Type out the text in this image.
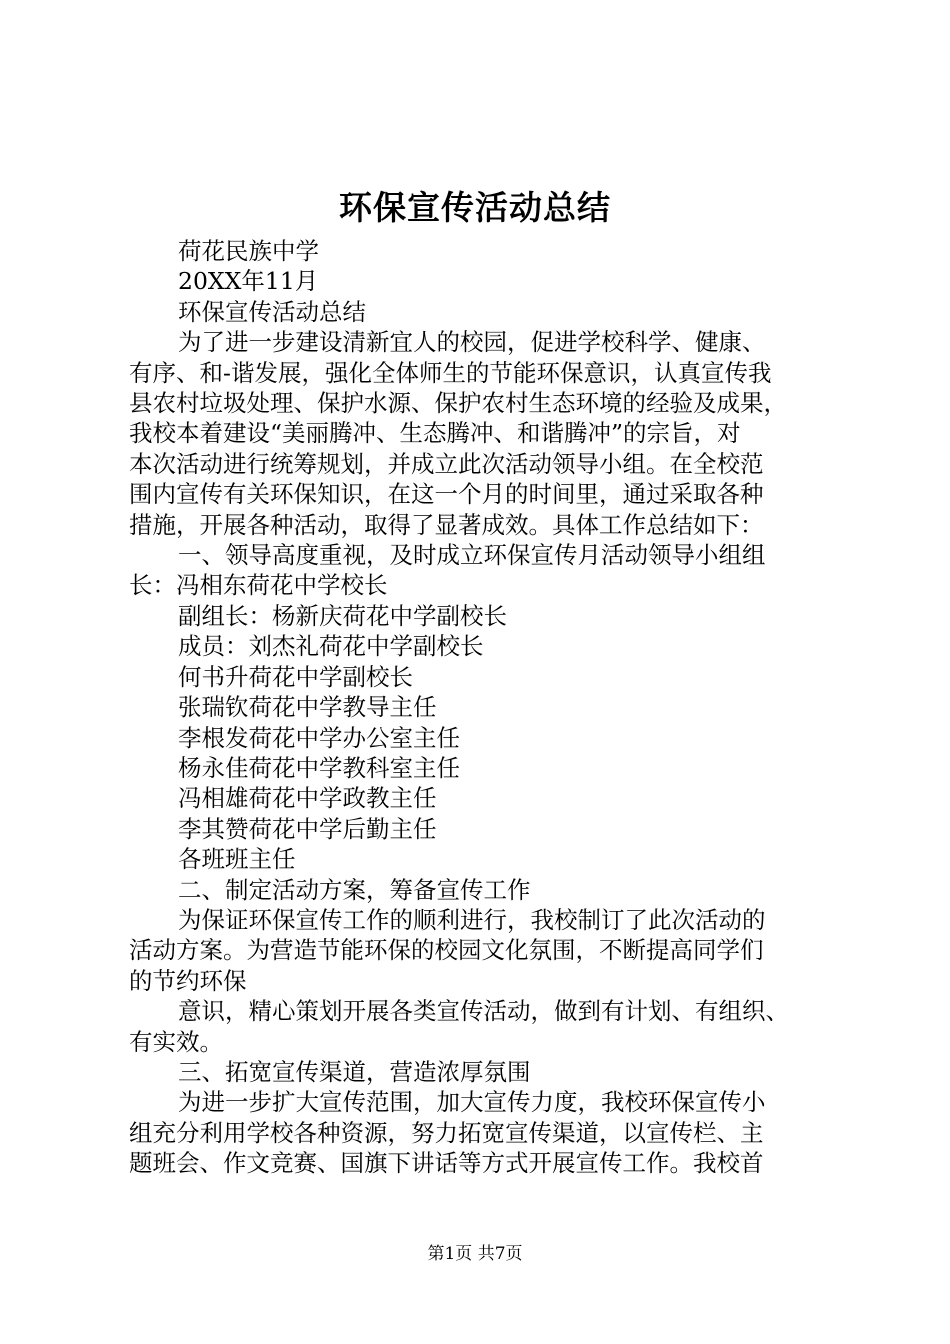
环保宣传活动总结

荷花民族中学

20XX年11月

环保宣传活动总结

为了进一步建设清新宜人的校园，促进学校科学、健康、

有序、和-谐发展，强化全体师生的节能环保意识，认真宣传我

县农村垃圾处理、保护水源、保护农村生态环境的经验及成果，

我校本着建设“美丽腾冲、生态腾冲、和谐腾冲”的宗旨，对

本次活动进行统筹规划，并成立此次活动领导小组。在全校范

围内宣传有关环保知识，在这一个月的时间里，通过采取各种

措施，开展各种活动，取得了显著成效。具体工作总结如下：

一、领导高度重视，及时成立环保宣传月活动领导小组组

长：冯相东荷花中学校长

副组长：杨新庆荷花中学副校长

成员：刘杰礼荷花中学副校长

何书升荷花中学副校长

张瑞钦荷花中学教导主任

李根发荷花中学办公室主任

杨永佳荷花中学教科室主任

冯相雄荷花中学政教主任

李其赞荷花中学后勤主任

各班班主任

二、制定活动方案，筹备宣传工作

为保证环保宣传工作的顺利进行，我校制订了此次活动的

活动方案。为营造节能环保的校园文化氛围，不断提高同学们

的节约环保

意识，精心策划开展各类宣传活动，做到有计划、有组织、

有实效。

三、拓宽宣传渠道，营造浓厚氛围

为进一步扩大宣传范围，加大宣传力度，我校环保宣传小

组充分利用学校各种资源，努力拓宽宣传渠道，以宣传栏、主

题班会、作文竞赛、国旗下讲话等方式开展宣传工作。我校首

第1页 共7页
